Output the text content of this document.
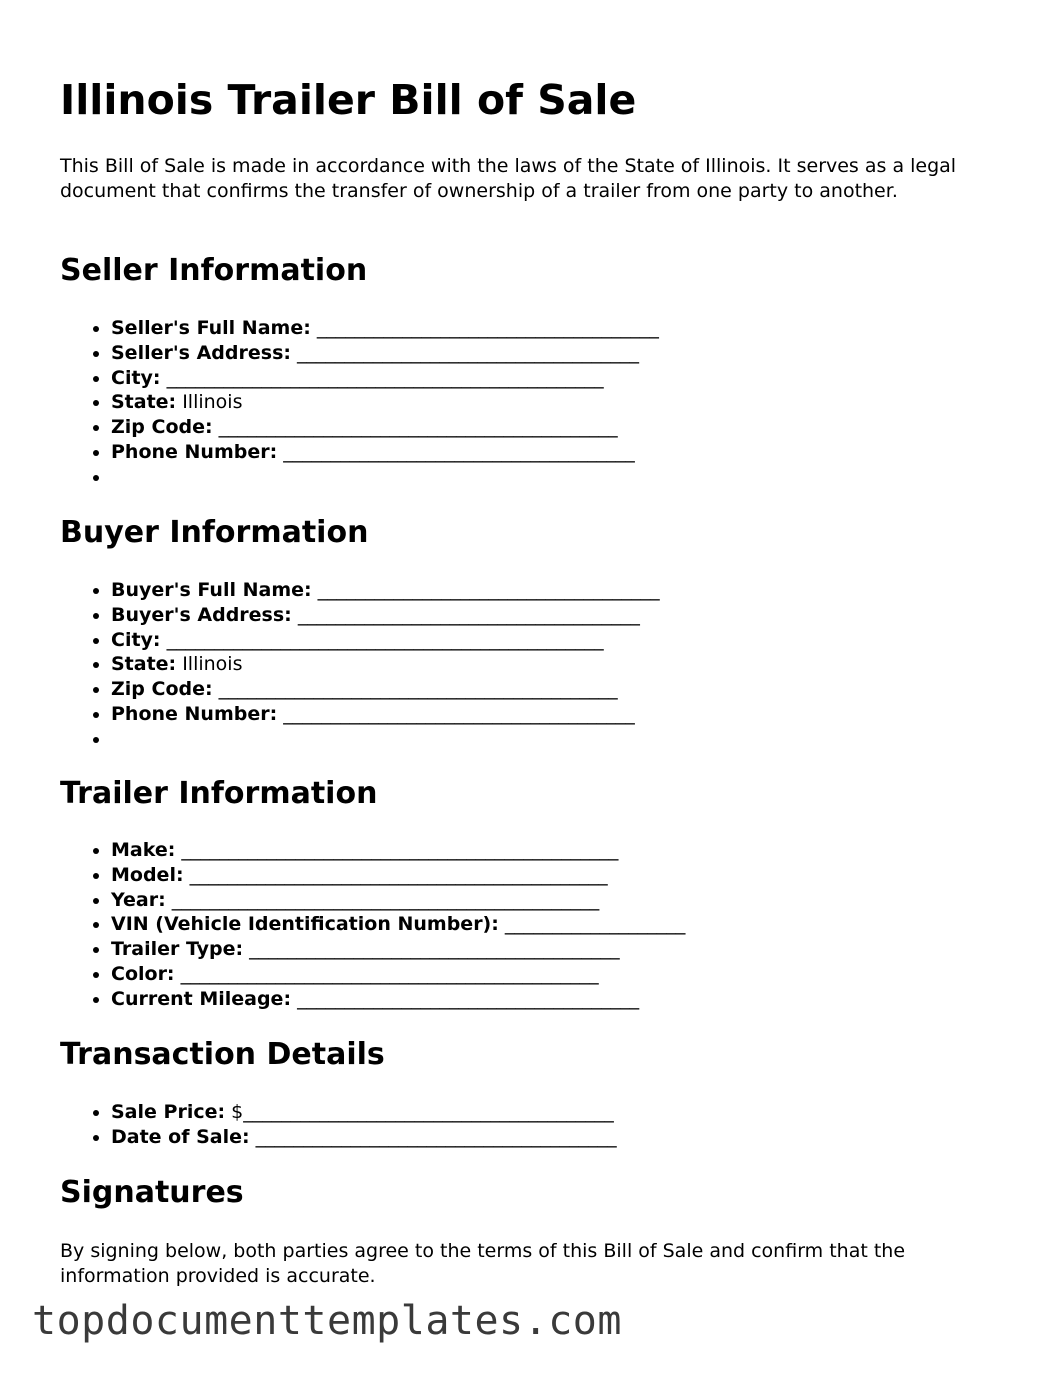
Illinois Trailer Bill of Sale

This Bill of Sale is made in accordance with the laws of the State of Illinois. It serves as a legal document that confirms the transfer of ownership of a trailer from one party to another.

Seller Information
• Seller's Full Name: ____________________________________
• Seller's Address: ____________________________________
• City: ______________________________________________
• State: Illinois
• Zip Code: __________________________________________
• Phone Number: _____________________________________
•
Buyer Information
• Buyer's Full Name: ____________________________________
• Buyer's Address: ____________________________________
• City: ______________________________________________
• State: Illinois
• Zip Code: __________________________________________
• Phone Number: _____________________________________
•
Trailer Information
• Make: ______________________________________________
• Model: ____________________________________________
• Year: _____________________________________________
• VIN (Vehicle Identification Number): ___________________
• Trailer Type: _______________________________________
• Color: ____________________________________________
• Current Mileage: ____________________________________
Transaction Details
• Sale Price: $_______________________________________
• Date of Sale: ______________________________________
Signatures

By signing below, both parties agree to the terms of this Bill of Sale and confirm that the information provided is accurate.

topdocumenttemplates.com
